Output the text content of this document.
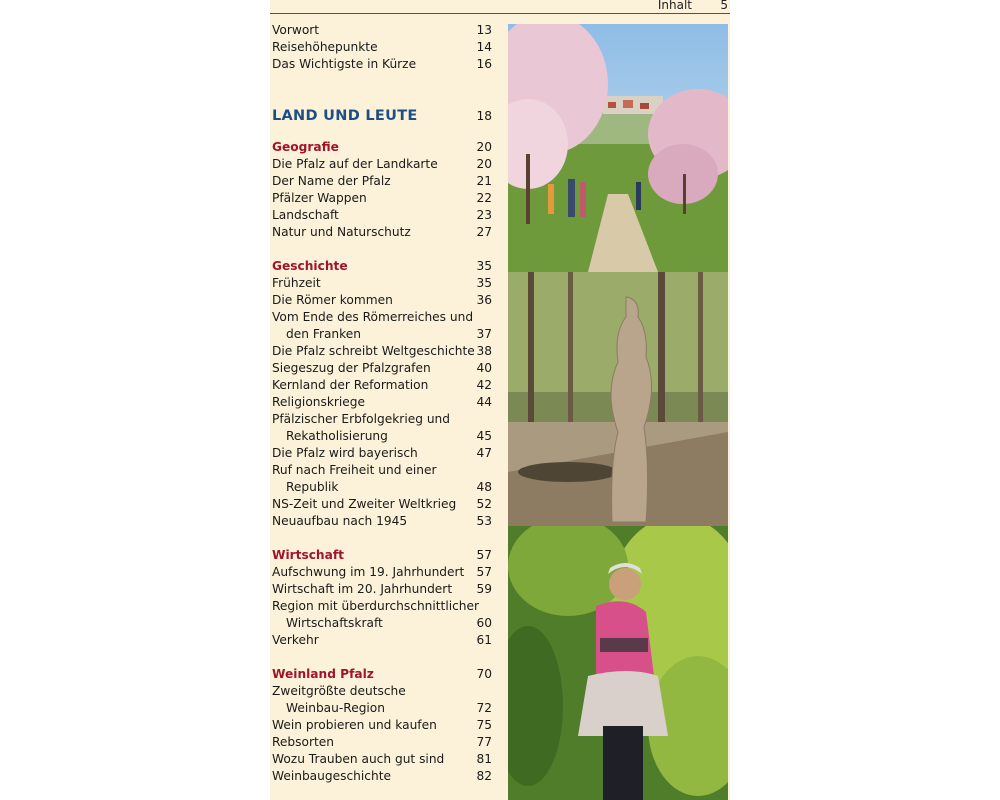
Inhalt 5
Vorwort	13
Reisehöhepunkte	14
Das Wichtigste in Kürze	16
LAND UND LEUTE	18
Geografie	20
Die Pfalz auf der Landkarte	20
Der Name der Pfalz	21
Pfälzer Wappen	22
Landschaft	23
Natur und Naturschutz	27
Geschichte	35
Frühzeit	35
Die Römer kommen	36
Vom Ende des Römerreiches und
den Franken	37
Die Pfalz schreibt Weltgeschichte 38
Siegeszug der Pfalzgrafen	40
Kernland der Reformation	42
Religionskriege	44
Pfälzischer Erbfolgekrieg und
Rekatholisierung	45
Die Pfalz wird bayerisch	47
Ruf nach Freiheit und einer
Republik	48
NS-Zeit und Zweiter Weltkrieg 52
Neuaufbau nach 1945	53
Wirtschaft	57
Aufschwung im 19. Jahrhundert 57
Wirtschaft im 20. Jahrhundert 59
Region mit überdurchschnittlicher
Wirtschaftskraft	60
Verkehr	61
Weinland Pfalz	70
Zweitgrößte deutsche
Weinbau-Region	72
Wein probieren und kaufen	75
Rebsorten	77
Wozu Trauben auch gut sind	81
Weinbaugeschichte	82
